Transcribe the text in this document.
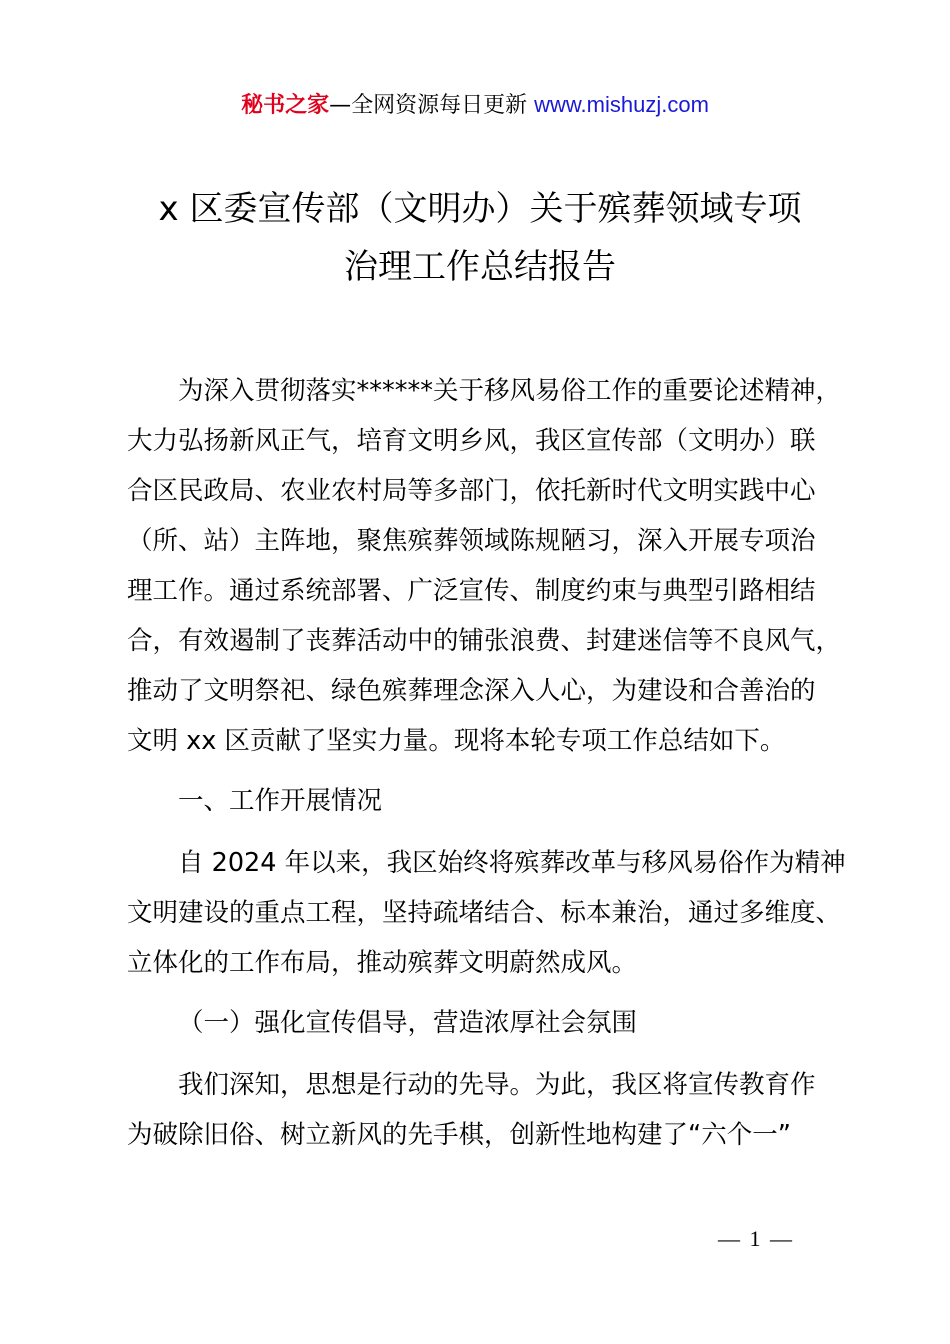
秘书之家—全网资源每日更新 www.mishuzj.com
x 区委宣传部（文明办）关于殡葬领域专项
治理工作总结报告
为深入贯彻落实******关于移风易俗工作的重要论述精神，
大力弘扬新风正气，培育文明乡风，我区宣传部（文明办）联
合区民政局、农业农村局等多部门，依托新时代文明实践中心
（所、站）主阵地，聚焦殡葬领域陈规陋习，深入开展专项治
理工作。通过系统部署、广泛宣传、制度约束与典型引路相结
合，有效遏制了丧葬活动中的铺张浪费、封建迷信等不良风气，
推动了文明祭祀、绿色殡葬理念深入人心，为建设和合善治的
文明 xx 区贡献了坚实力量。现将本轮专项工作总结如下。
一、工作开展情况
自 2024 年以来，我区始终将殡葬改革与移风易俗作为精神
文明建设的重点工程，坚持疏堵结合、标本兼治，通过多维度、
立体化的工作布局，推动殡葬文明蔚然成风。
（一）强化宣传倡导，营造浓厚社会氛围
我们深知，思想是行动的先导。为此，我区将宣传教育作
为破除旧俗、树立新风的先手棋，创新性地构建了“六个一”
— 1 —
